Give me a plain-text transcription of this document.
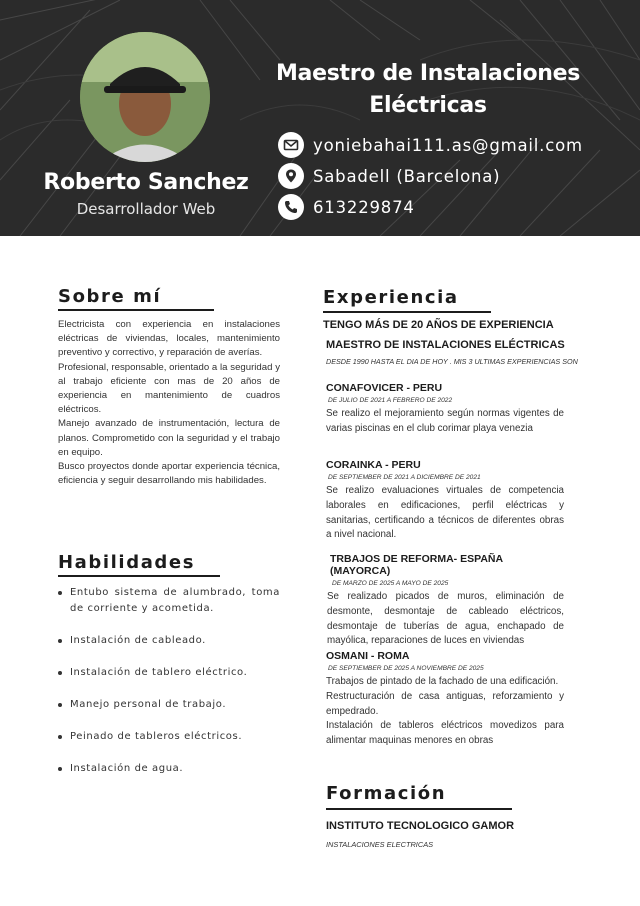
Roberto Sanchez
Desarrollador Web
Maestro de Instalaciones
Eléctricas
yoniebahai111.as@gmail.com
Sabadell (Barcelona)
613229874
Sobre mí

Electricista con experiencia en instalaciones eléctricas de viviendas, locales, mantenimiento preventivo y correctivo, y reparación de averías.

Profesional, responsable, orientado a la seguridad y al trabajo eficiente con mas de 20 años de experiencia en mantenimiento de cuadros eléctricos.

Manejo avanzado de instrumentación, lectura de planos. Comprometido con la seguridad y el trabajo en equipo.

Busco proyectos donde aportar experiencia técnica, eficiencia y seguir desarrollando mis habilidades.

Habilidades
Entubo sistema de alumbrado, toma de corriente y acometida.
Instalación de cableado.
Instalación de tablero eléctrico.
Manejo personal de trabajo.
Peinado de tableros eléctricos.
Instalación de agua.
Experiencia
TENGO MÁS DE 20 AÑOS DE EXPERIENCIA
MAESTRO DE INSTALACIONES ELÉCTRICAS
DESDE 1990 HASTA EL DIA DE HOY . MIS 3 ULTIMAS EXPERIENCIAS SON
CONAFOVICER - PERU
DE JULIO DE 2021 A FEBRERO DE 2022
Se realizo el mejoramiento según normas vigentes de varias piscinas en el club corimar playa venezia
CORAINKA - PERU
DE SEPTIEMBER DE 2021 A DICIEMBRE DE 2021
Se realizo evaluaciones virtuales de competencia laborales en edificaciones, perfil eléctricas y sanitarias, certificando a técnicos de diferentes obras a nivel nacional.
TRBAJOS DE REFORMA- ESPAÑA (MAYORCA)
DE MARZO DE 2025 A MAYO DE 2025
Se realizado picados de muros, eliminación de desmonte, desmontaje de cableado eléctricos, desmontaje de tuberías de agua, enchapado de mayólica, reparaciones de luces en viviendas
OSMANI - ROMA
DE SEPTIEMBER DE 2025 A NOVIEMBRE DE 2025
Trabajos de pintado de la fachado de una edificación.
Restructuración de casa antiguas, reforzamiento y empedrado.
Instalación de tableros eléctricos movedizos para alimentar maquinas menores en obras
Formación
INSTITUTO TECNOLOGICO GAMOR
INSTALACIONES ELECTRICAS
